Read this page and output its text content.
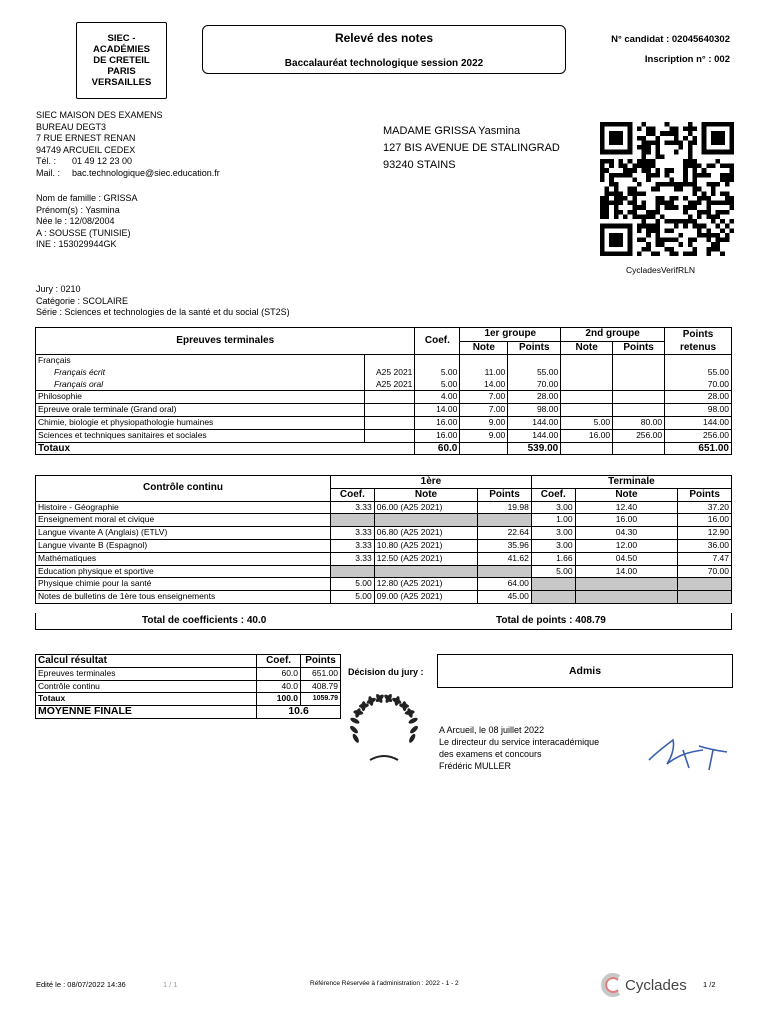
SIEC -
ACADÉMIES
DE CRETEIL
PARIS
VERSAILLES
Relevé des notes
Baccalauréat technologique session 2022
N° candidat : 02045640302
Inscription n° : 002
SIEC MAISON DES EXAMENS
BUREAU DEGT3
7 RUE ERNEST RENAN
94749 ARCUEIL CEDEX
Tél. : 01 49 12 23 00
Mail. : bac.technologique@siec.education.fr
MADAME GRISSA Yasmina
127 BIS AVENUE DE STALINGRAD
93240 STAINS
CycladesVerifRLN
Nom de famille : GRISSA
Prénom(s) : Yasmina
Née le : 12/08/2004
A : SOUSSE (TUNISIE)
INE : 153029944GK
Jury : 0210
Catégorie : SCOLAIRE
Série : Sciences et technologies de la santé et du social (ST2S)
Epreuves terminales		Coef.	1er groupe		2nd groupe		Points retenus
			Note	Points	Note	Points	
Français							
Français écrit	A25 2021	5.00	11.00	55.00			55.00
Français oral	A25 2021	5.00	14.00	70.00			70.00
Philosophie		4.00	7.00	28.00			28.00
Epreuve orale terminale (Grand oral)		14.00	7.00	98.00			98.00
Chimie, biologie et physiopathologie humaines		16.00	9.00	144.00	5.00	80.00	144.00
Sciences et techniques sanitaires et sociales		16.00	9.00	144.00	16.00	256.00	256.00
Totaux		60.0		539.00			651.00
Contrôle continu	1ère			Terminale		
	Coef.	Note	Points	Coef.	Note	Points
Histoire - Géographie	3.33	06.00 (A25 2021)	19.98	3.00	12.40	37.20
Enseignement moral et civique				1.00	16.00	16.00
Langue vivante A (Anglais) (ETLV)	3.33	06.80 (A25 2021)	22.64	3.00	04.30	12.90
Langue vivante B (Espagnol)	3.33	10.80 (A25 2021)	35.96	3.00	12.00	36.00
Mathématiques	3.33	12.50 (A25 2021)	41.62	1.66	04.50	7.47
Education physique et sportive				5.00	14.00	70.00
Physique chimie pour la santé	5.00	12.80 (A25 2021)	64.00			
Notes de bulletins de 1ère tous enseignements	5.00	09.00 (A25 2021)	45.00			
Total de coefficients : 40.0	Total de points : 408.79
Calcul résultat	Coef.	Points
Epreuves terminales	60.0	651.00
Contrôle continu	40.0	408.79
Totaux	100.0	1059.79
MOYENNE FINALE	10.6	
Décision du jury :	Admis
A Arcueil, le 08 juillet 2022
Le directeur du service interacadémique
des examens et concours
Frédéric MULLER
Edité le : 08/07/2022 14:36	1 / 1	Référence Réservée à l'administration : 2022 - 1 - 2	Cyclades 1 /2
